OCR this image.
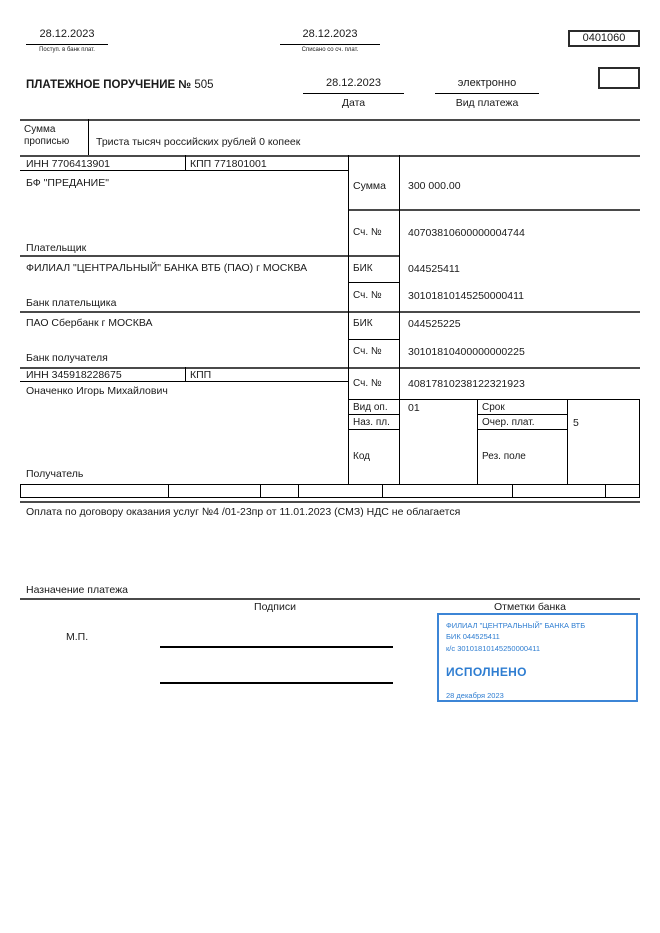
28.12.2023
Поступ. в банк плат.
28.12.2023
Списано со сч. плат.
0401060
ПЛАТЕЖНОЕ ПОРУЧЕНИЕ № 505	28.12.2023
Дата
электронно
Вид платежа
Сумма прописью	Триста тысяч российских рублей 0 копеек
ИНН 7706413901	КПП 771801001
БФ "ПРЕДАНИЕ"
Плательщик
Сумма 300 000.00
Сч. №	40703810600000004744
ФИЛИАЛ "ЦЕНТРАЛЬНЫЙ" БАНКА ВТБ (ПАО) г МОСКВА
Банк плательщика
БИК	044525411
Сч. №	30101810145250000411
ПАО Сбербанк г МОСКВА
Банк получателя
БИК	044525225
Сч. №	30101810400000000225
ИНН 345918228675	КПП
Оначенко Игорь Михайлович
Получатель
Сч. №	40817810238122321923
Вид оп. 01	Срок
Наз. пл.	Очер. плат.	5
Код	Рез. поле
Оплата по договору оказания услуг №4 /01-23пр от 11.01.2023 (СМЗ) НДС не облагается
Назначение платежа
Подписи	Отметки банка
М.П.
ФИЛИАЛ "ЦЕНТРАЛЬНЫЙ" БАНКА ВТБ
БИК 044525411
к/с 30101810145250000411
ИСПОЛНЕНО
28 декабря 2023
